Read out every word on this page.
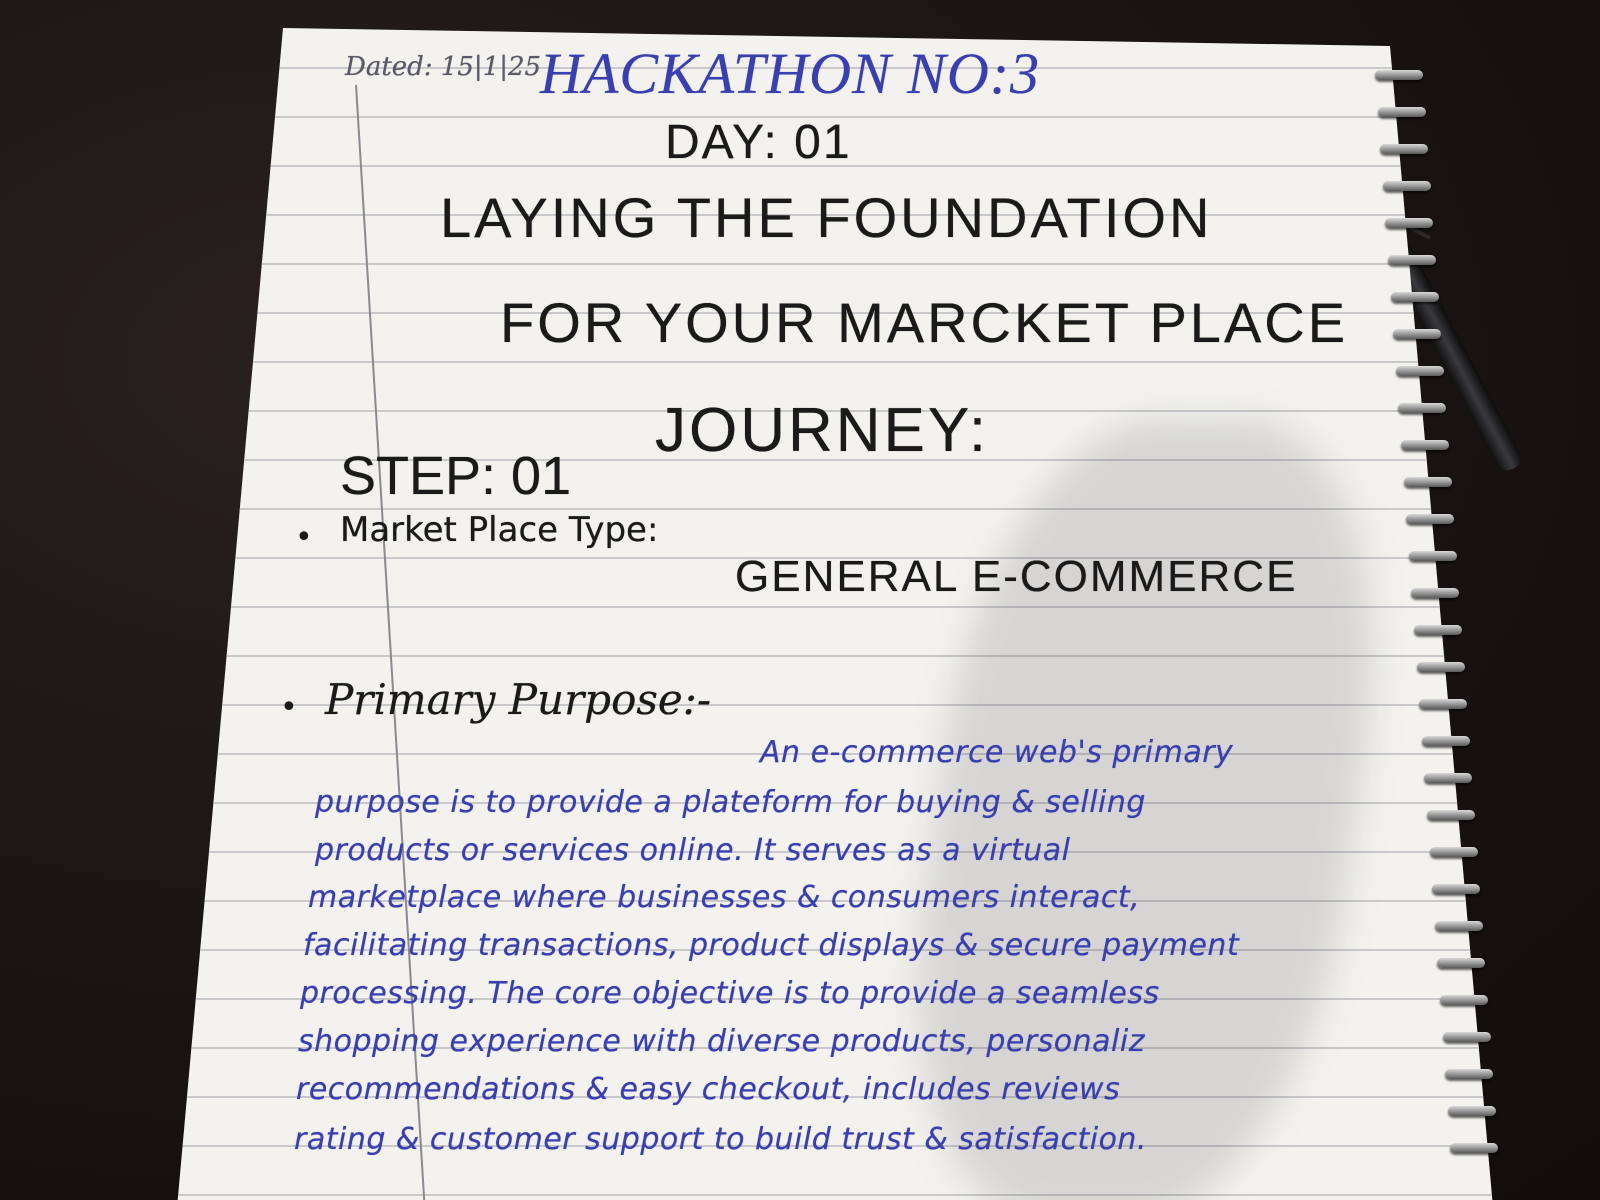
Dated: 15|1|25
HACKATHON NO:3
DAY: 01
LAYING THE FOUNDATION
FOR YOUR MARCKET PLACE
JOURNEY:
STEP: 01
• Market Place Type:
GENERAL E-COMMERCE
• Primary Purpose:-
An e-commerce web's primary
purpose is to provide a plateform for buying & selling
products or services online. It serves as a virtual
marketplace where businesses & consumers interact,
facilitating transactions, product displays & secure payment
processing. The core objective is to provide a seamless
shopping experience with diverse products, personaliz
recommendations & easy checkout, includes reviews
rating & customer support to build trust & satisfaction.
